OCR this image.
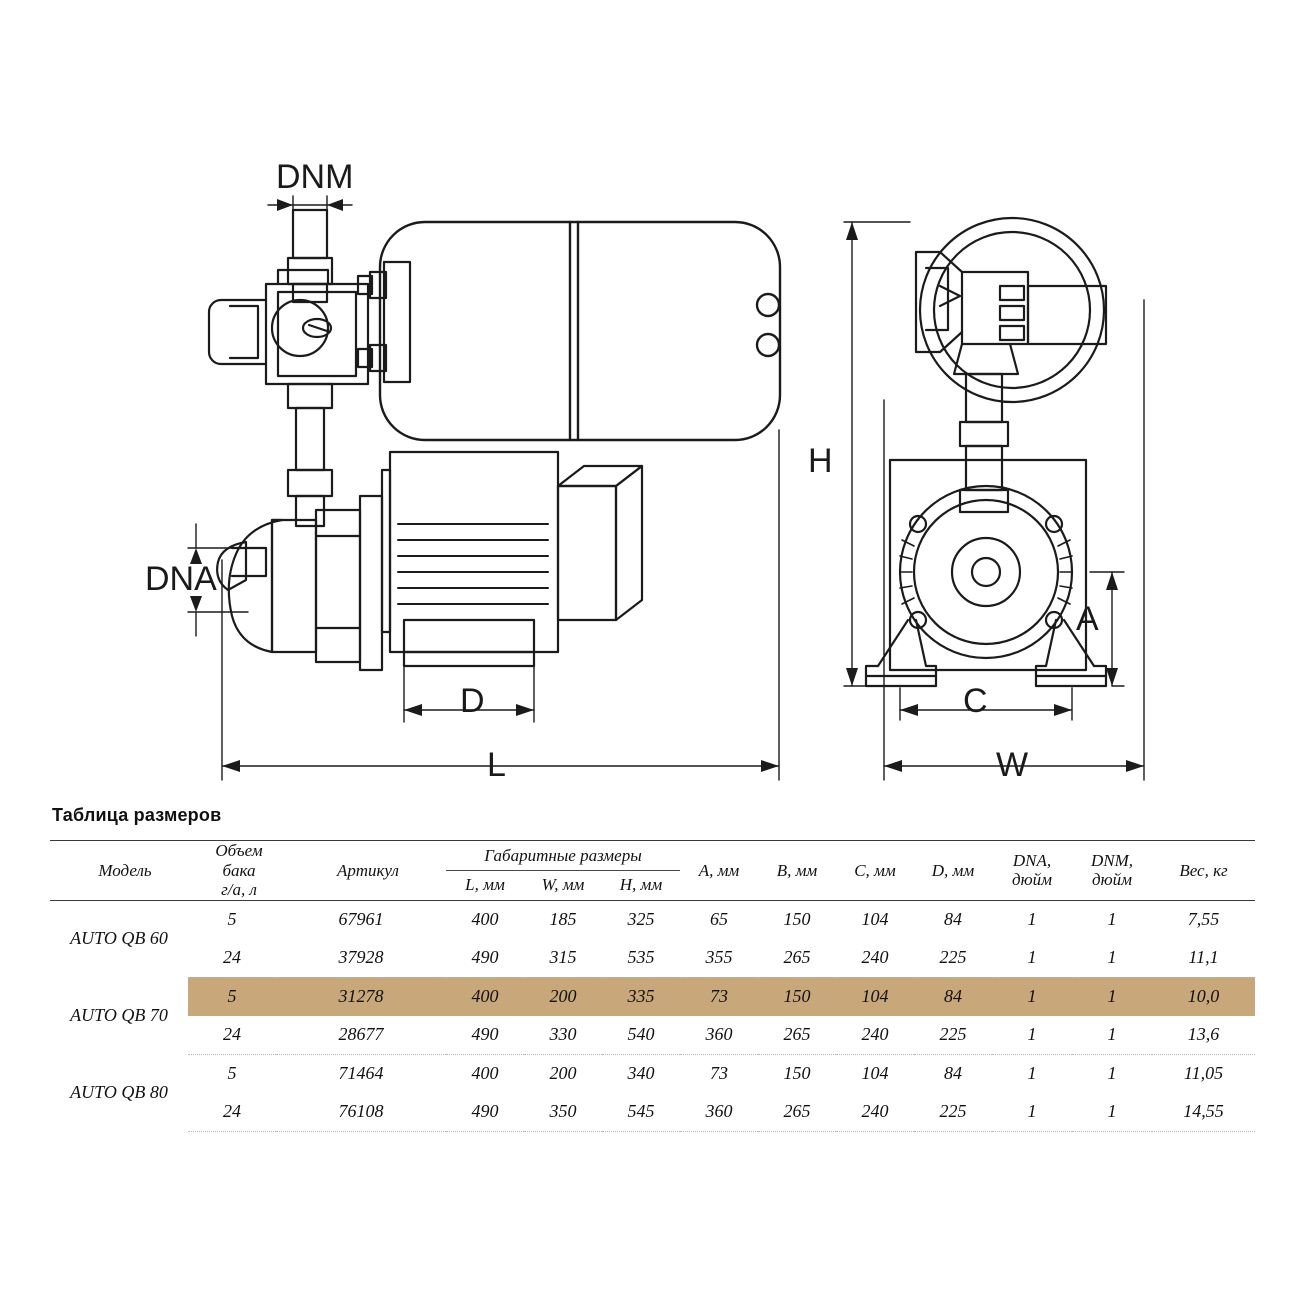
DNM
DNA
D
L
H
A
C
W
Таблица размеров
Модель	Объем
бака
г/а, л	Артикул	Габаритные размеры			A, мм	B, мм	C, мм	D, мм	DNA,
дюйм	DNM,
дюйм	Вес, кг
			L, мм	W, мм	H, мм							
AUTO QB 60	5	67961	400	185	325	65	150	104	84	1	1	7,55
	24	37928	490	315	535	355	265	240	225	1	1	11,1
AUTO QB 70	5	31278	400	200	335	73	150	104	84	1	1	10,0
	24	28677	490	330	540	360	265	240	225	1	1	13,6
AUTO QB 80	5	71464	400	200	340	73	150	104	84	1	1	11,05
	24	76108	490	350	545	360	265	240	225	1	1	14,55
